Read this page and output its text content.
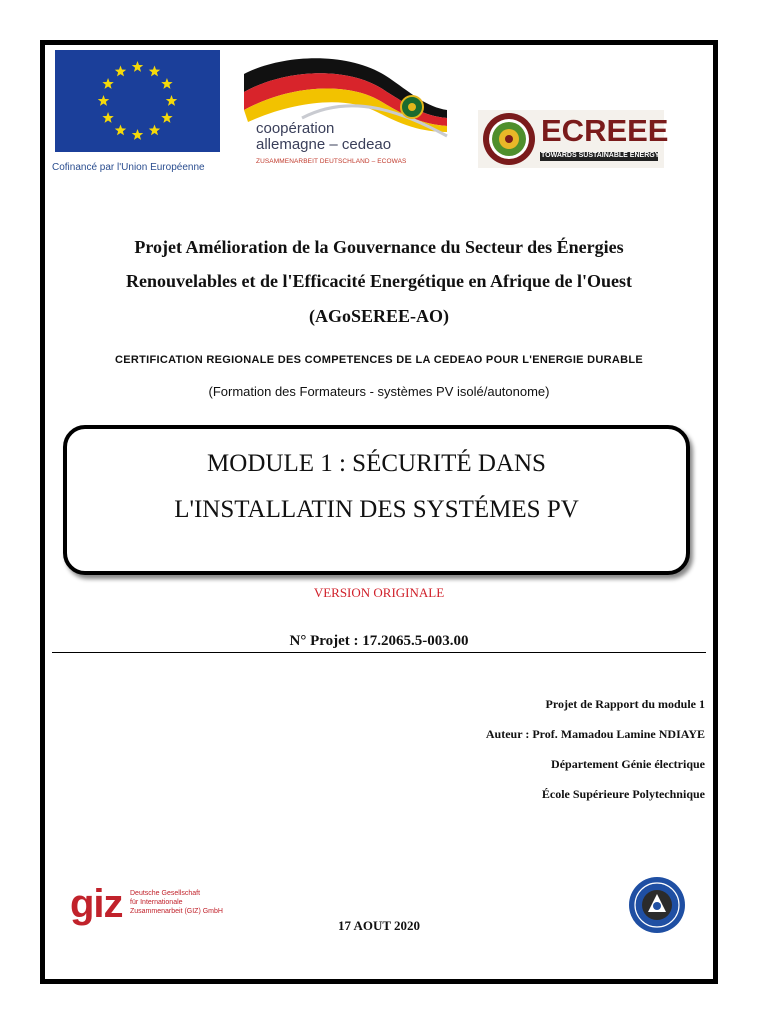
Cofinancé par l'Union Européenne
coopération
allemagne – cedeao
ZUSAMMENARBEIT DEUTSCHLAND – ECOWAS
ECREEE
TOWARDS SUSTAINABLE ENERGY
Projet Amélioration de la Gouvernance du Secteur des Énergies
Renouvelables et de l'Efficacité Energétique en Afrique de l'Ouest
(AGoSEREE-AO)
CERTIFICATION REGIONALE DES COMPETENCES DE LA CEDEAO POUR L'ENERGIE DURABLE
(Formation des Formateurs - systèmes PV isolé/autonome)
MODULE 1 : SÉCURITÉ DANS
L'INSTALLATIN DES SYSTÉMES PV
VERSION ORIGINALE
N° Projet : 17.2065.5-003.00
Projet de Rapport du module 1
Auteur : Prof. Mamadou Lamine NDIAYE
Département Génie électrique
École Supérieure Polytechnique
giz Deutsche Gesellschaft
für Internationale
Zusammenarbeit (GIZ) GmbH
17 AOUT 2020
